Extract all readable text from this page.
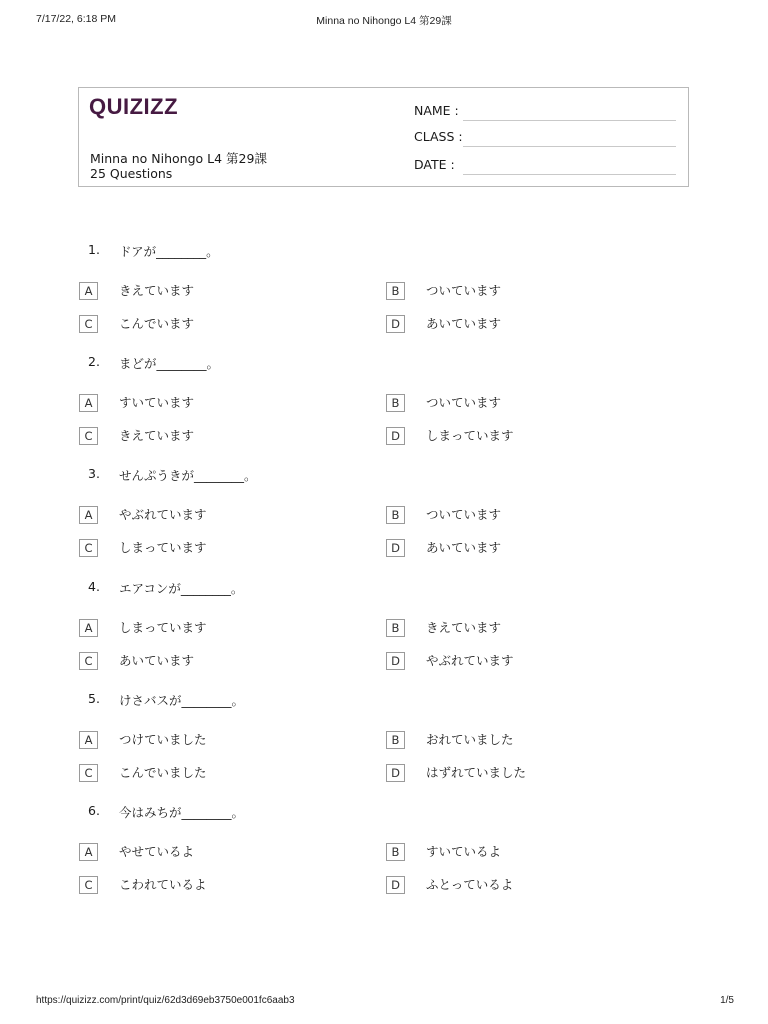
7/17/22, 6:18 PM	Minna no Nihongo L4 第29課
QUIZIZZ
Minna no Nihongo L4 第29課
25 Questions
NAME :
CLASS :
DATE :
1. ドアが________。
A	きえています	B	ついています
C	こんでいます	D	あいています
2. まどが________。
A	すいています	B	ついています
C	きえています	D	しまっています
3. せんぷうきが________。
A	やぶれています	B	ついています
C	しまっています	D	あいています
4. エアコンが________。
A	しまっています	B	きえています
C	あいています	D	やぶれています
5. けさバスが________。
A	つけていました	B	おれていました
C	こんでいました	D	はずれていました
6. 今はみちが________。
A	やせているよ	B	すいているよ
C	こわれているよ	D	ふとっているよ
https://quizizz.com/print/quiz/62d3d69eb3750e001fc6aab3	1/5
